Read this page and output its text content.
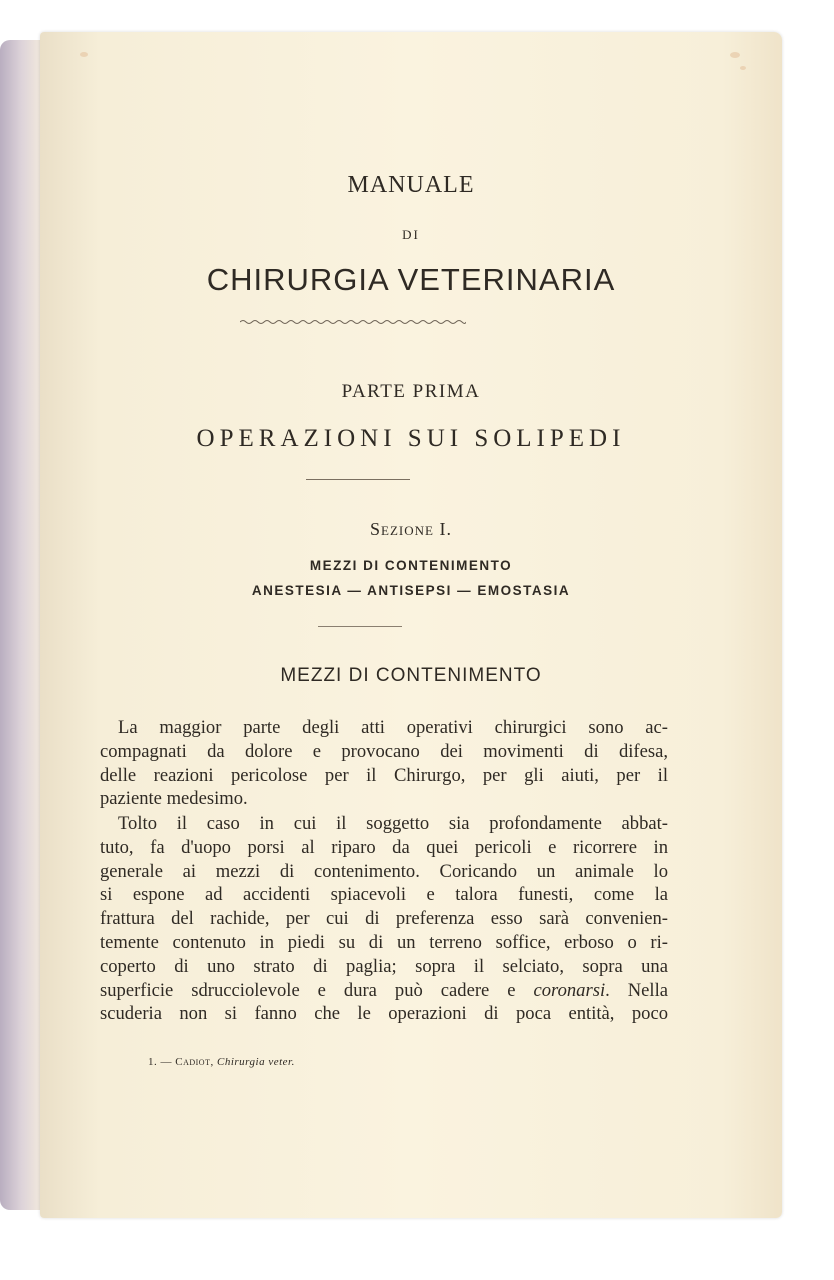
MANUALE
DI
CHIRURGIA VETERINARIA
PARTE PRIMA
OPERAZIONI SUI SOLIPEDI
Sezione I.
MEZZI DI CONTENIMENTO
ANESTESIA — ANTISEPSI — EMOSTASIA
MEZZI DI CONTENIMENTO
La maggior parte degli atti operativi chirurgici sono ac-
compagnati da dolore e provocano dei movimenti di difesa,
delle reazioni pericolose per il Chirurgo, per gli aiuti, per il
paziente medesimo.
Tolto il caso in cui il soggetto sia profondamente abbat-
tuto, fa d'uopo porsi al riparo da quei pericoli e ricorrere in
generale ai mezzi di contenimento. Coricando un animale lo
si espone ad accidenti spiacevoli e talora funesti, come la
frattura del rachide, per cui di preferenza esso sarà convenien-
temente contenuto in piedi su di un terreno soffice, erboso o ri-
coperto di uno strato di paglia; sopra il selciato, sopra una
superficie sdrucciolevole e dura può cadere e coronarsi. Nella
scuderia non si fanno che le operazioni di poca entità, poco
1. — Cadiot, Chirurgia veter.
